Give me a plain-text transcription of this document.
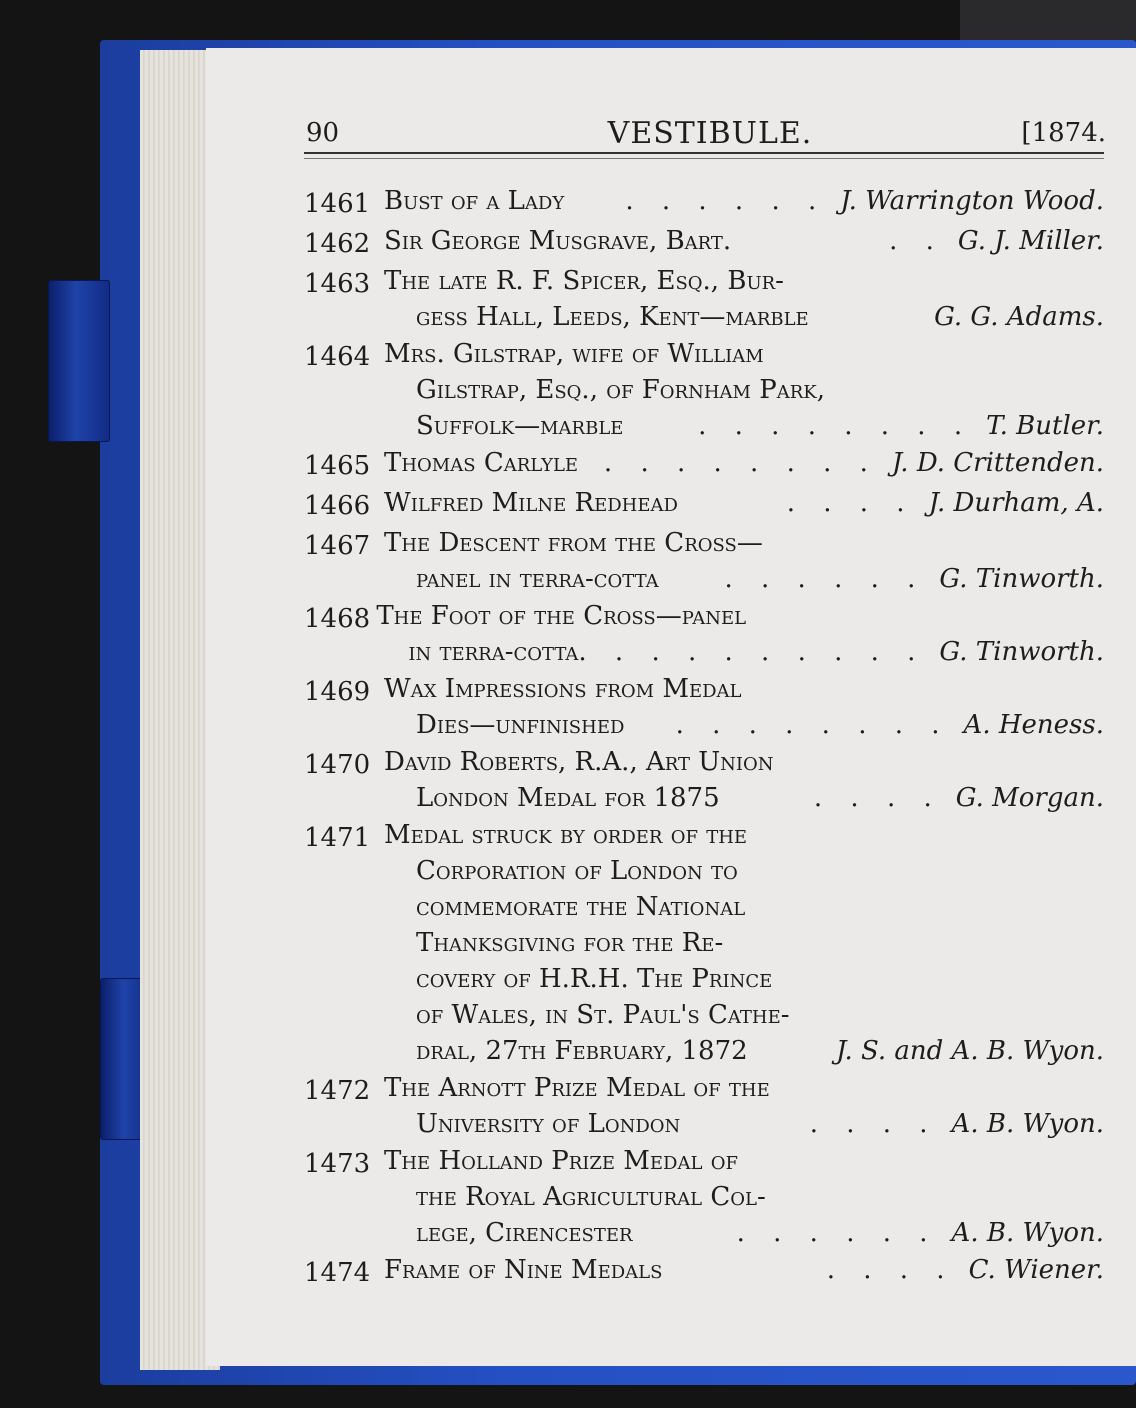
90	VESTIBULE.	[1874.
1461 Bust of a Lady . . . . . . J. Warrington Wood.
1462 Sir George Musgrave, Bart.	. . G. J. Miller.
1463 The late R. F. Spicer, Esq., Bur-
gess Hall, Leeds, Kent—marble	G. G. Adams.
1464 Mrs. Gilstrap, wife of William
Gilstrap, Esq., of Fornham Park,
Suffolk—marble	. . . . . . . . T. Butler.
1465 Thomas Carlyle . . . . . . . . J. D. Crittenden.
1466 Wilfred Milne Redhead	. . . . J. Durham, A.
1467 The Descent from the Cross—
panel in terra-cotta	. . . . . . G. Tinworth.
1468 The Foot of the Cross—panel
in terra-cotta . . . . . . . . . . G. Tinworth.
1469 Wax Impressions from Medal
Dies—unfinished . . . . . . . . A. Heness.
1470 David Roberts, R.A., Art Union
London Medal for 1875	. . . . G. Morgan.
1471 Medal struck by order of the
Corporation of London to
commemorate the National
Thanksgiving for the Re-
covery of H.R.H. The Prince
of Wales, in St. Paul's Cathe-
dral, 27th February, 1872	J. S. and A. B. Wyon.
1472 The Arnott Prize Medal of the
University of London	. . . . A. B. Wyon.
1473 The Holland Prize Medal of
the Royal Agricultural Col-
lege, Cirencester	. . . . . . A. B. Wyon.
1474 Frame of Nine Medals	. . . . C. Wiener.
